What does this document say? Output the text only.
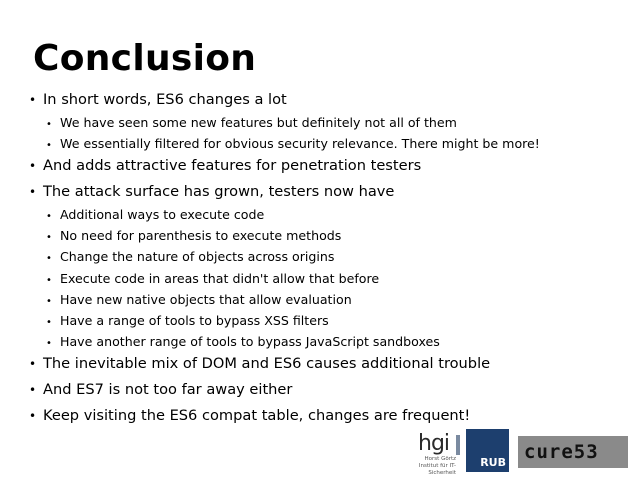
Conclusion
• In short words, ES6 changes a lot
• We have seen some new features but definitely not all of them
• We essentially filtered for obvious security relevance. There might be more!
• And adds attractive features for penetration testers
• The attack surface has grown, testers now have
• Additional ways to execute code
• No need for parenthesis to execute methods
• Change the nature of objects across origins
• Execute code in areas that didn't allow that before
• Have new native objects that allow evaluation
• Have a range of tools to bypass XSS filters
• Have another range of tools to bypass JavaScript sandboxes
• The inevitable mix of DOM and ES6 causes additional trouble
• And ES7 is not too far away either
• Keep visiting the ES6 compat table, changes are frequent!
hgi
Horst Görtz Institut für IT-Sicherheit
RUB cure53
